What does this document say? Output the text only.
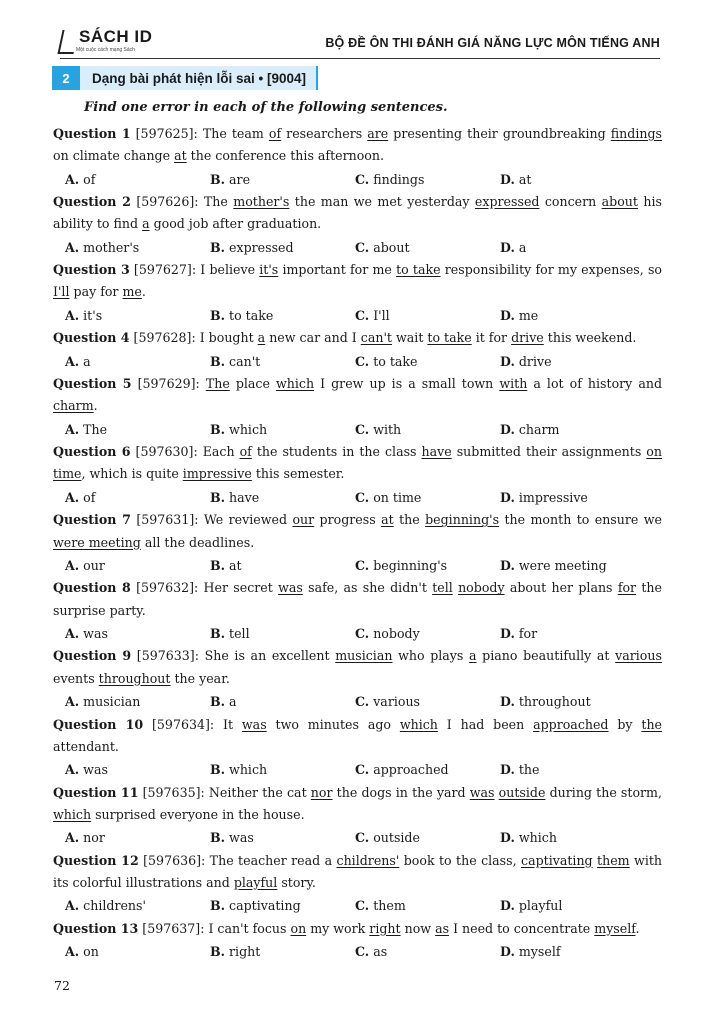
SÁCH ID
Một cuộc cách mạng Sách	BỘ ĐỀ ÔN THI ĐÁNH GIÁ NĂNG LỰC MÔN TIẾNG ANH
2	Dạng bài phát hiện lỗi sai • [9004]
Find one error in each of the following sentences.

Question 1 [597625]: The team of researchers are presenting their groundbreaking findings on climate change at the conference this afternoon.

A. of	B. are	C. findings	D. at

Question 2 [597626]: The mother's the man we met yesterday expressed concern about his ability to find a good job after graduation.

A. mother's	B. expressed	C. about	D. a

Question 3 [597627]: I believe it's important for me to take responsibility for my expenses, so I'll pay for me.

A. it's	B. to take	C. I'll	D. me

Question 4 [597628]: I bought a new car and I can't wait to take it for drive this weekend.

A. a	B. can't	C. to take	D. drive

Question 5 [597629]: The place which I grew up is a small town with a lot of history and charm.

A. The	B. which	C. with	D. charm

Question 6 [597630]: Each of the students in the class have submitted their assignments on time, which is quite impressive this semester.

A. of	B. have	C. on time	D. impressive

Question 7 [597631]: We reviewed our progress at the beginning's the month to ensure we were meeting all the deadlines.

A. our	B. at	C. beginning's	D. were meeting

Question 8 [597632]: Her secret was safe, as she didn't tell nobody about her plans for the surprise party.

A. was	B. tell	C. nobody	D. for

Question 9 [597633]: She is an excellent musician who plays a piano beautifully at various events throughout the year.

A. musician	B. a	C. various	D. throughout

Question 10 [597634]: It was two minutes ago which I had been approached by the attendant.

A. was	B. which	C. approached	D. the

Question 11 [597635]: Neither the cat nor the dogs in the yard was outside during the storm, which surprised everyone in the house.

A. nor	B. was	C. outside	D. which

Question 12 [597636]: The teacher read a childrens' book to the class, captivating them with its colorful illustrations and playful story.

A. childrens'	B. captivating	C. them	D. playful

Question 13 [597637]: I can't focus on my work right now as I need to concentrate myself.

A. on	B. right	C. as	D. myself
72
